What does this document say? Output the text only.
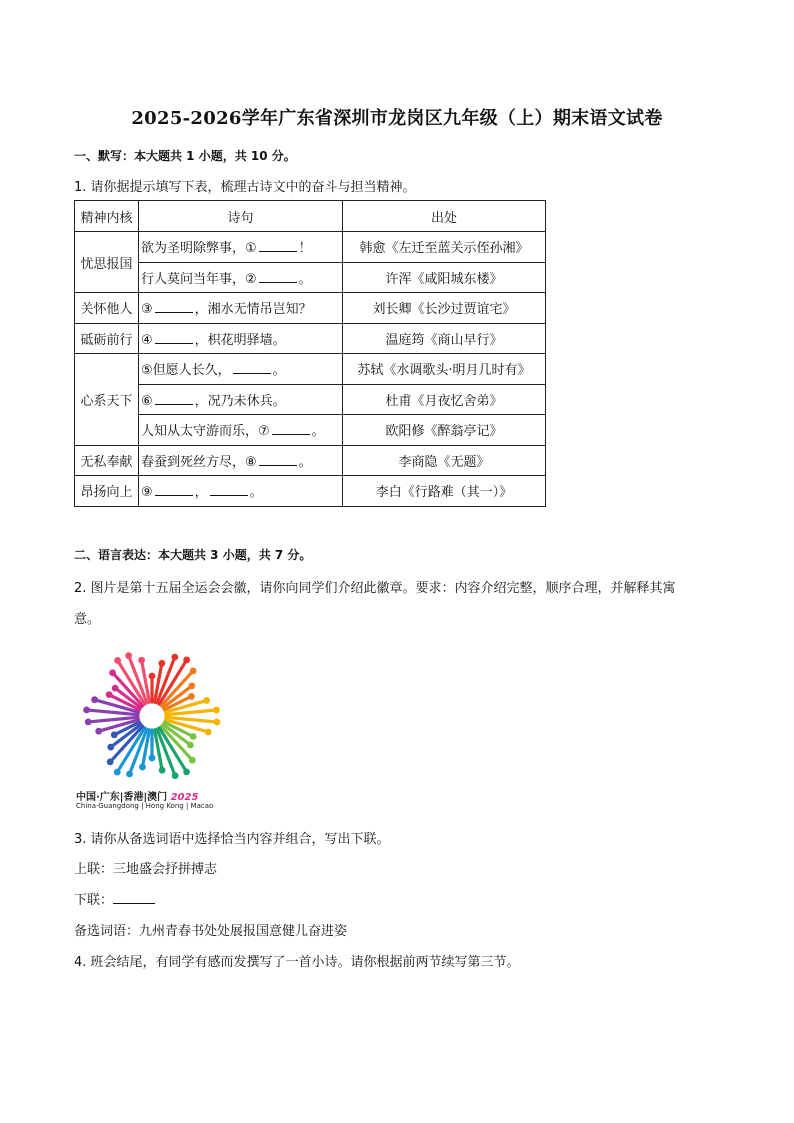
2025-2026学年广东省深圳市龙岗区九年级（上）期末语文试卷
一、默写：本大题共 1 小题，共 10 分。
1. 请你据提示填写下表，梳理古诗文中的奋斗与担当精神。
精神内核	诗句	出处
忧思报国	欲为圣明除弊事，① ！	韩愈《左迁至蓝关示侄孙湘》
	行人莫问当年事，② 。	许浑《咸阳城东楼》
关怀他人	③ ，湘水无情吊岂知？	刘长卿《长沙过贾谊宅》
砥砺前行	④ ，枳花明驿墙。	温庭筠《商山早行》
心系天下	⑤但愿人长久， 。	苏轼《水调歌头·明月几时有》
	⑥ ，况乃未休兵。	杜甫《月夜忆舍弟》
	人知从太守游而乐，⑦ 。	欧阳修《醉翁亭记》
无私奉献	春蚕到死丝方尽，⑧ 。	李商隐《无题》
昂扬向上	⑨ ， 。	李白《行路难（其一）》
二、语言表达：本大题共 3 小题，共 7 分。
2. 图片是第十五届全运会会徽，请你向同学们介绍此徽章。要求：内容介绍完整，顺序合理，并解释其寓
意。
中国·广东|香港|澳门 2025
China·Guangdong | Hong Kong | Macao
3. 请你从备选词语中选择恰当内容并组合，写出下联。
上联：三地盛会抒拼搏志
下联：
备选词语：九州青春书处处展报国意健儿奋进姿
4. 班会结尾，有同学有感而发撰写了一首小诗。请你根据前两节续写第三节。
